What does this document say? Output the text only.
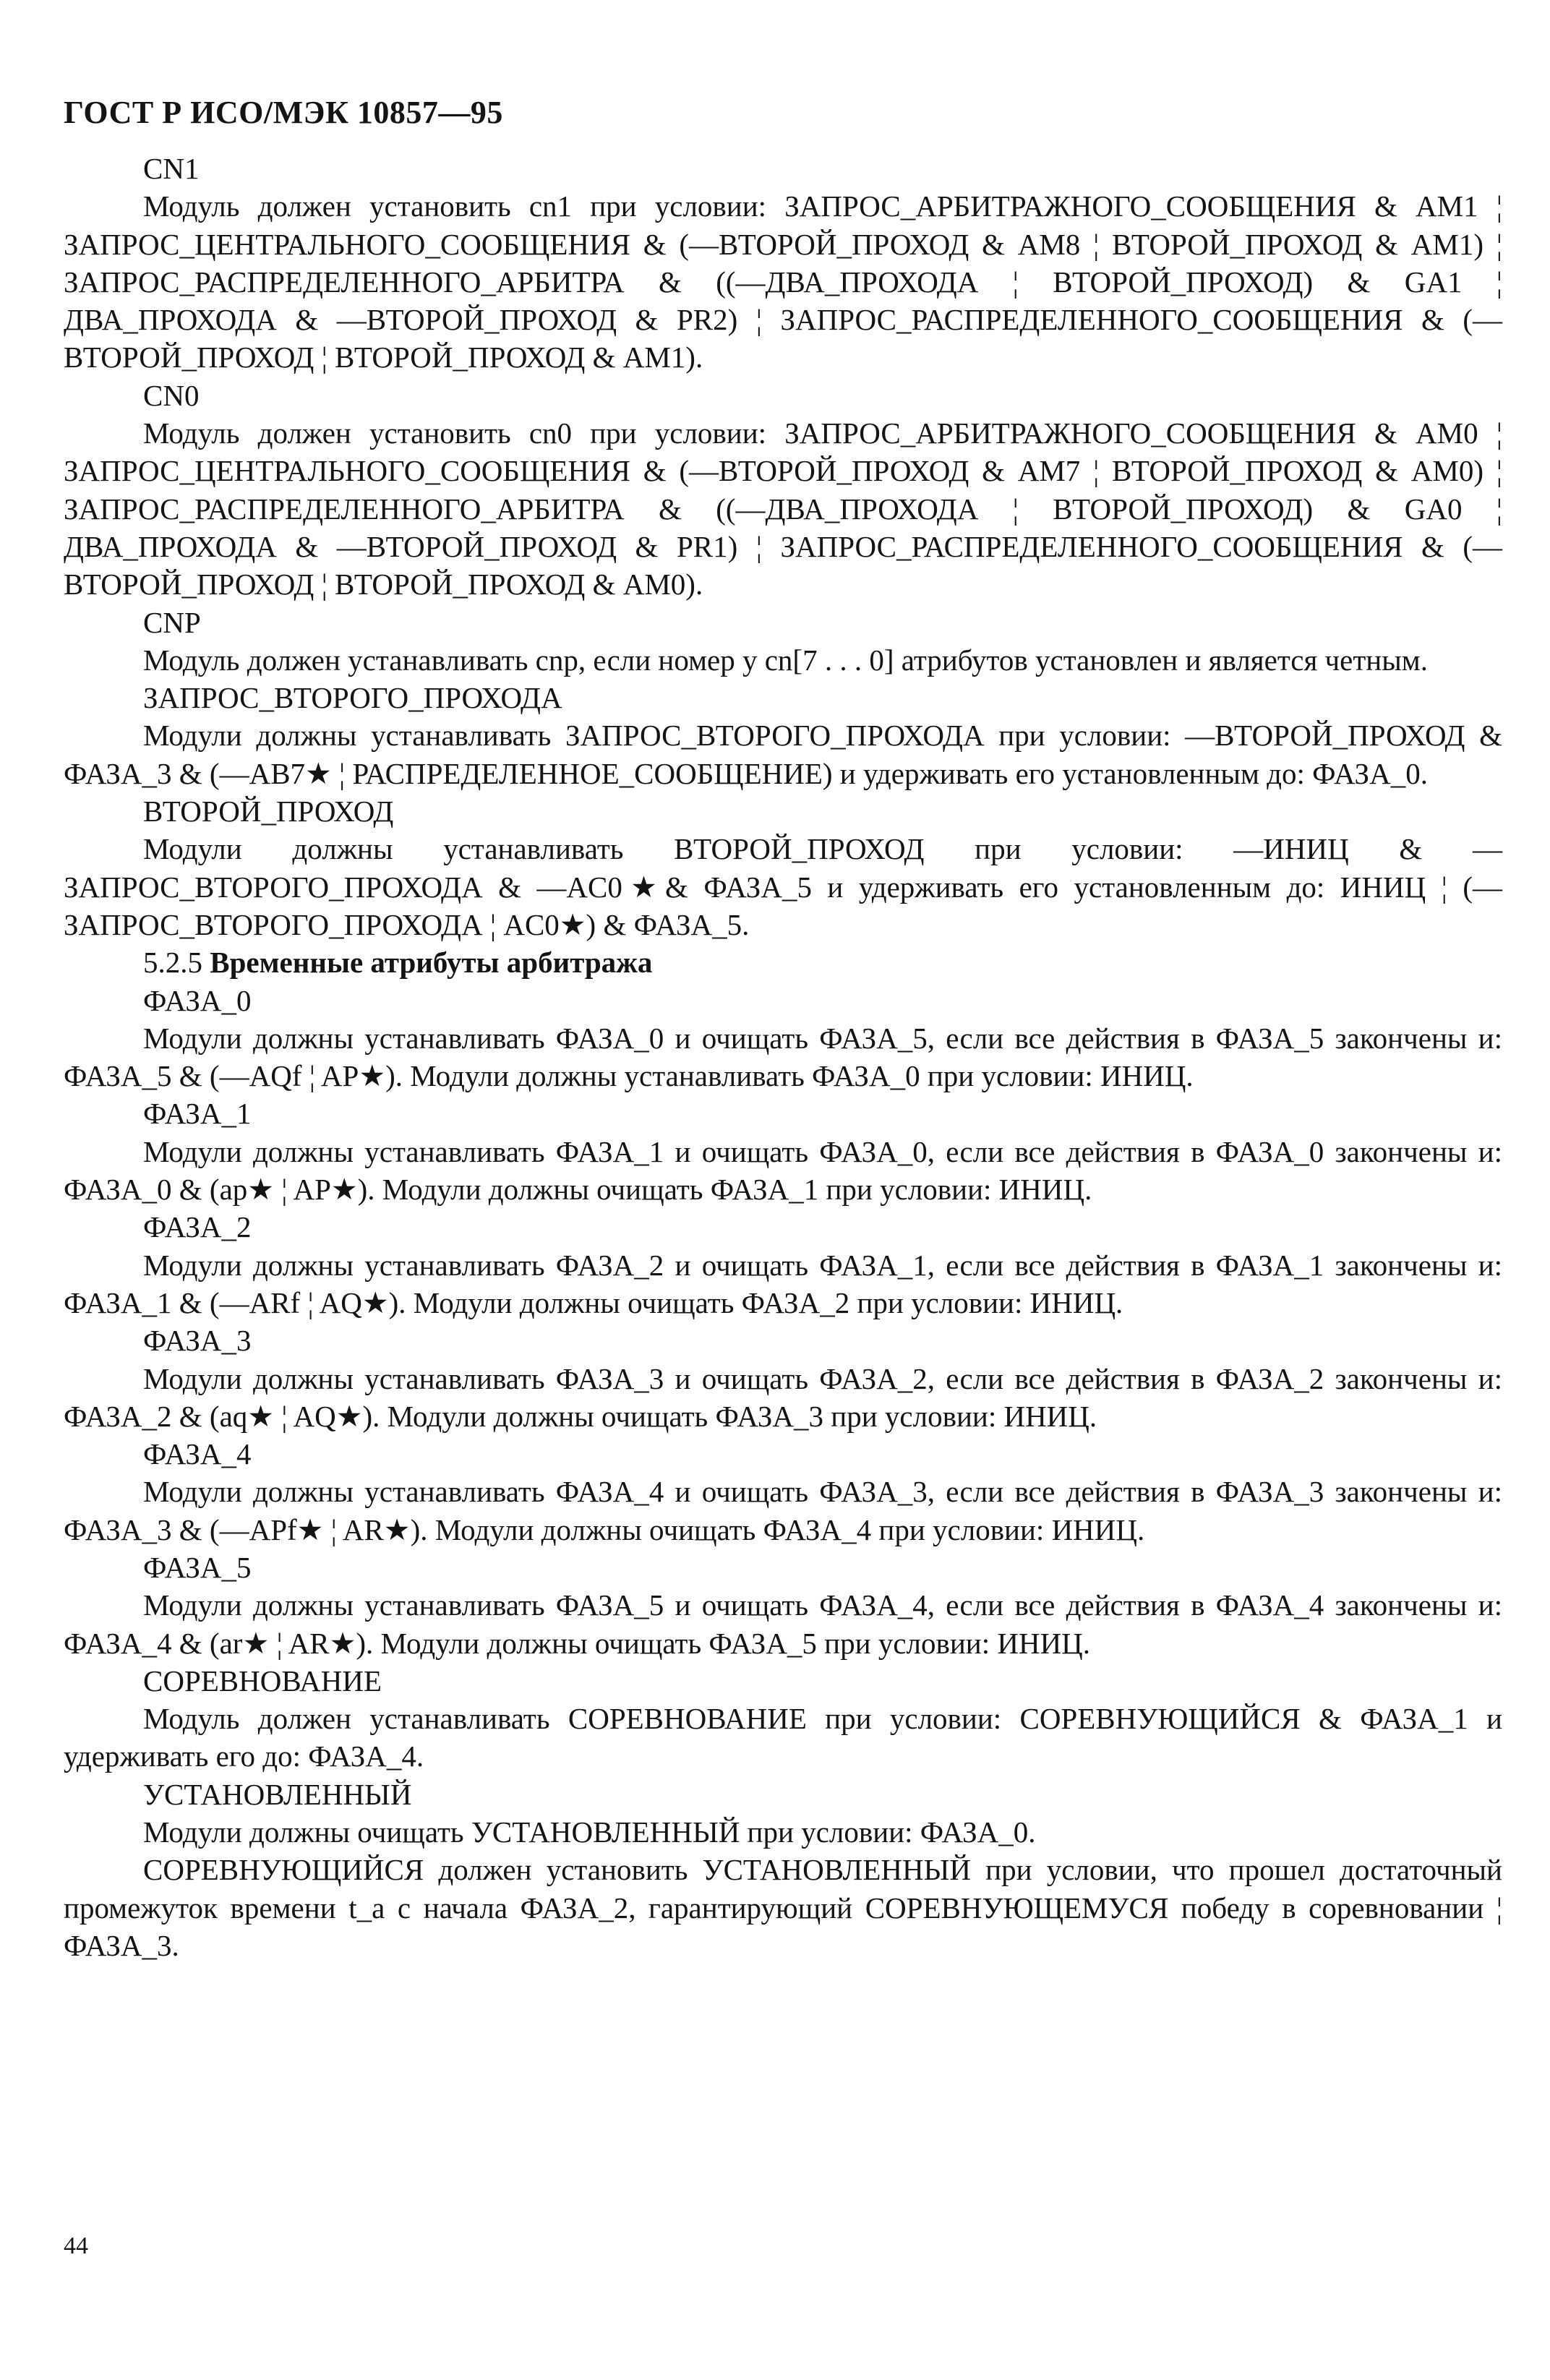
ГОСТ Р ИСО/МЭК 10857—95
CN1
Модуль должен установить cn1 при условии: ЗАПРОС_АРБИТРАЖНОГО_СООБЩЕНИЯ & AM1 ¦ ЗАПРОС_ЦЕНТРАЛЬНОГО_СООБЩЕНИЯ & (—ВТОРОЙ_ПРОХОД & AM8 ¦ ВТОРОЙ_ПРОХОД & AM1) ¦ ЗАПРОС_РАСПРЕДЕЛЕННОГО_АРБИТРА & ((—ДВА_ПРОХОДА ¦ ВТОРОЙ_ПРОХОД) & GA1 ¦ ДВА_ПРОХОДА & —ВТОРОЙ_ПРОХОД & PR2) ¦ ЗАПРОС_РАСПРЕДЕЛЕННОГО_СООБЩЕНИЯ & (—ВТОРОЙ_ПРОХОД ¦ ВТОРОЙ_ПРОХОД & AM1).
CN0
Модуль должен установить cn0 при условии: ЗАПРОС_АРБИТРАЖНОГО_СООБЩЕНИЯ & AM0 ¦ ЗАПРОС_ЦЕНТРАЛЬНОГО_СООБЩЕНИЯ & (—ВТОРОЙ_ПРОХОД & AM7 ¦ ВТОРОЙ_ПРОХОД & AM0) ¦ ЗАПРОС_РАСПРЕДЕЛЕННОГО_АРБИТРА & ((—ДВА_ПРОХОДА ¦ ВТОРОЙ_ПРОХОД) & GA0 ¦ ДВА_ПРОХОДА & —ВТОРОЙ_ПРОХОД & PR1) ¦ ЗАПРОС_РАСПРЕДЕЛЕННОГО_СООБЩЕНИЯ & (—ВТОРОЙ_ПРОХОД ¦ ВТОРОЙ_ПРОХОД & AM0).
CNP
Модуль должен устанавливать cnp, если номер у cn[7 . . . 0] атрибутов установлен и является четным.
ЗАПРОС_ВТОРОГО_ПРОХОДА
Модули должны устанавливать ЗАПРОС_ВТОРОГО_ПРОХОДА при условии: —ВТОРОЙ_ПРОХОД & ФАЗА_3 & (—AB7★ ¦ РАСПРЕДЕЛЕННОЕ_СООБЩЕНИЕ) и удерживать его установленным до: ФАЗА_0.
ВТОРОЙ_ПРОХОД
Модули должны устанавливать ВТОРОЙ_ПРОХОД при условии: —ИНИЦ & —ЗАПРОС_ВТОРОГО_ПРОХОДА & —AC0★& ФАЗА_5 и удерживать его установленным до: ИНИЦ ¦ (—ЗАПРОС_ВТОРОГО_ПРОХОДА ¦ AC0★) & ФАЗА_5.
5.2.5 Временные атрибуты арбитража
ФАЗА_0
Модули должны устанавливать ФАЗА_0 и очищать ФАЗА_5, если все действия в ФАЗА_5 закончены и: ФАЗА_5 & (—AQf ¦ AP★). Модули должны устанавливать ФАЗА_0 при условии: ИНИЦ.
ФАЗА_1
Модули должны устанавливать ФАЗА_1 и очищать ФАЗА_0, если все действия в ФАЗА_0 закончены и: ФАЗА_0 & (ap★ ¦ AP★). Модули должны очищать ФАЗА_1 при условии: ИНИЦ.
ФАЗА_2
Модули должны устанавливать ФАЗА_2 и очищать ФАЗА_1, если все действия в ФАЗА_1 закончены и: ФАЗА_1 & (—ARf ¦ AQ★). Модули должны очищать ФАЗА_2 при условии: ИНИЦ.
ФАЗА_3
Модули должны устанавливать ФАЗА_3 и очищать ФАЗА_2, если все действия в ФАЗА_2 закончены и: ФАЗА_2 & (aq★ ¦ AQ★). Модули должны очищать ФАЗА_3 при условии: ИНИЦ.
ФАЗА_4
Модули должны устанавливать ФАЗА_4 и очищать ФАЗА_3, если все действия в ФАЗА_3 закончены и: ФАЗА_3 & (—APf★ ¦ AR★). Модули должны очищать ФАЗА_4 при условии: ИНИЦ.
ФАЗА_5
Модули должны устанавливать ФАЗА_5 и очищать ФАЗА_4, если все действия в ФАЗА_4 закончены и: ФАЗА_4 & (ar★ ¦ AR★). Модули должны очищать ФАЗА_5 при условии: ИНИЦ.
СОРЕВНОВАНИЕ
Модуль должен устанавливать СОРЕВНОВАНИЕ при условии: СОРЕВНУЮЩИЙСЯ & ФАЗА_1 и удерживать его до: ФАЗА_4.
УСТАНОВЛЕННЫЙ
Модули должны очищать УСТАНОВЛЕННЫЙ при условии: ФАЗА_0.
СОРЕВНУЮЩИЙСЯ должен установить УСТАНОВЛЕННЫЙ при условии, что прошел достаточный промежуток времени t_a с начала ФАЗА_2, гарантирующий СОРЕВНУЮЩЕМУСЯ победу в соревновании ¦ ФАЗА_3.
44
